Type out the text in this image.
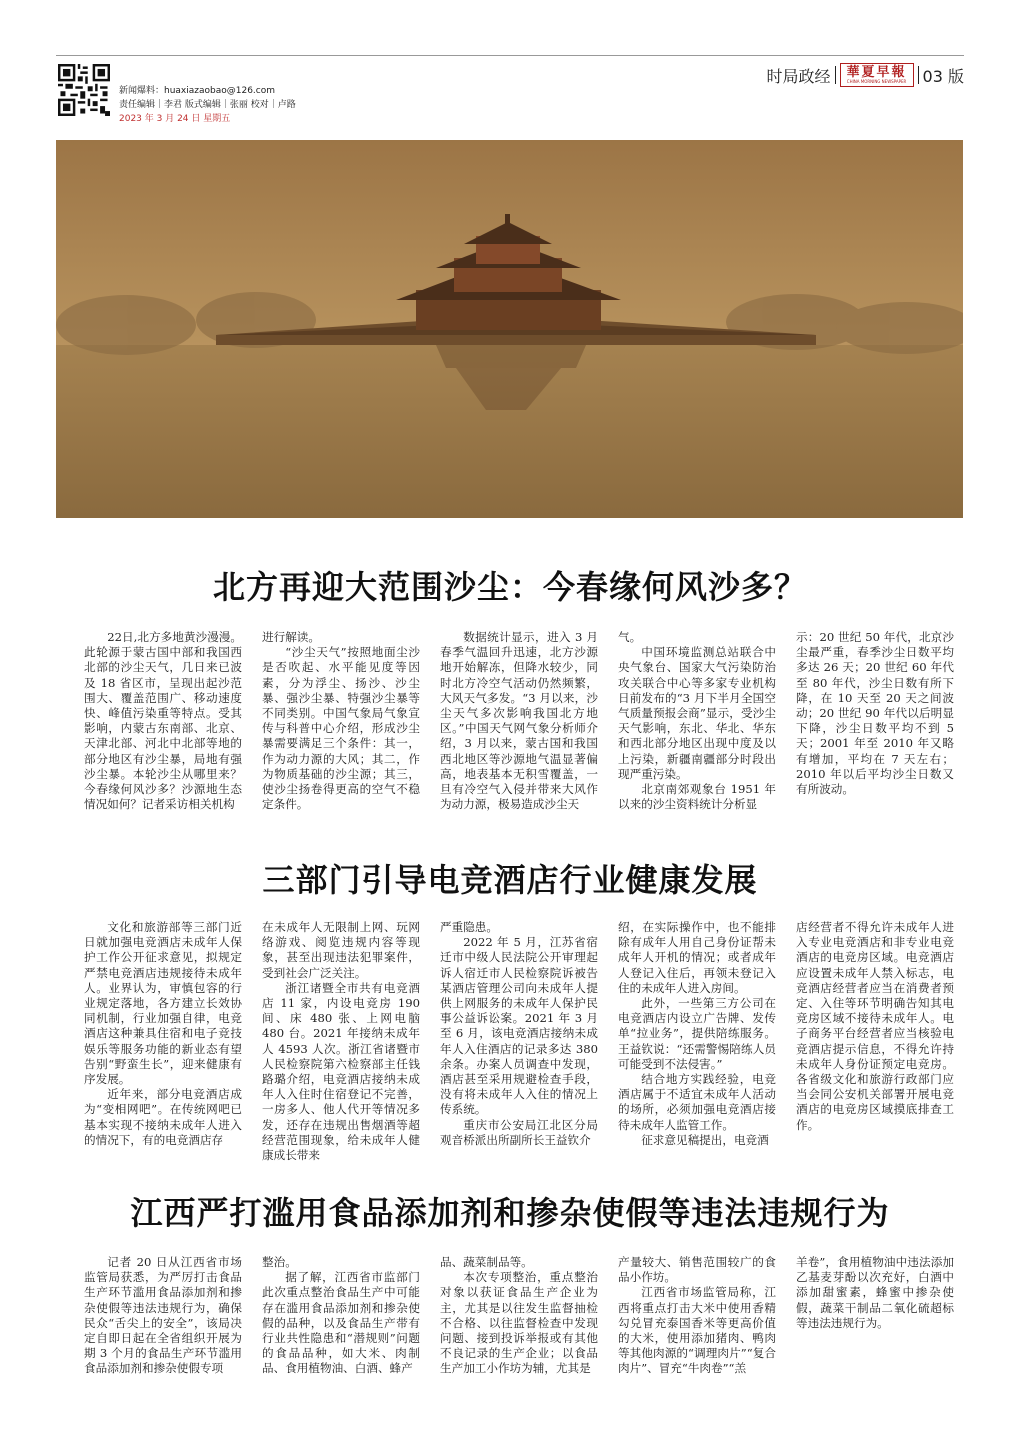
新闻爆料：huaxiazaobao@126.com
责任编辑｜李君 版式编辑｜张丽 校对｜卢路
2023 年 3 月 24 日 星期五
时局政经 華夏早報
CHINA MORNING NEWSPAPER 03 版
北方再迎大范围沙尘：今春缘何风沙多？

22日,北方多地黄沙漫漫。此轮源于蒙古国中部和我国西北部的沙尘天气，几日来已波及 18 省区市，呈现出起沙范围大、覆盖范围广、移动速度快、峰值污染重等特点。受其影响，内蒙古东南部、北京、天津北部、河北中北部等地的部分地区有沙尘暴，局地有强沙尘暴。本轮沙尘从哪里来？今春缘何风沙多？沙源地生态情况如何？记者采访相关机构

进行解读。

“沙尘天气”按照地面尘沙是否吹起、水平能见度等因素，分为浮尘、扬沙、沙尘暴、强沙尘暴、特强沙尘暴等不同类别。中国气象局气象宣传与科普中心介绍，形成沙尘暴需要满足三个条件：其一，作为动力源的大风；其二，作为物质基础的沙尘源；其三，使沙尘扬卷得更高的空气不稳定条件。

数据统计显示，进入 3 月春季气温回升迅速，北方沙源地开始解冻，但降水较少，同时北方冷空气活动仍然频繁，大风天气多发。“3 月以来，沙尘天气多次影响我国北方地区。”中国天气网气象分析师介绍，3 月以来，蒙古国和我国西北地区等沙源地气温显著偏高，地表基本无积雪覆盖，一旦有冷空气入侵并带来大风作为动力源，极易造成沙尘天

气。

中国环境监测总站联合中央气象台、国家大气污染防治攻关联合中心等多家专业机构日前发布的“3 月下半月全国空气质量预报会商”显示，受沙尘天气影响，东北、华北、华东和西北部分地区出现中度及以上污染，新疆南疆部分时段出现严重污染。

北京南郊观象台 1951 年以来的沙尘资料统计分析显

示：20 世纪 50 年代，北京沙尘最严重，春季沙尘日数平均多达 26 天；20 世纪 60 年代至 80 年代，沙尘日数有所下降，在 10 天至 20 天之间波动；20 世纪 90 年代以后明显下降，沙尘日数平均不到 5 天；2001 年至 2010 年又略有增加，平均在 7 天左右；2010 年以后平均沙尘日数又有所波动。

三部门引导电竞酒店行业健康发展

文化和旅游部等三部门近日就加强电竞酒店未成年人保护工作公开征求意见，拟规定严禁电竞酒店违规接待未成年人。业界认为，审慎包容的行业规定落地，各方建立长效协同机制，行业加强自律，电竞酒店这种兼具住宿和电子竞技娱乐等服务功能的新业态有望告别“野蛮生长”，迎来健康有序发展。

近年来，部分电竞酒店成为“变相网吧”。在传统网吧已基本实现不接纳未成年人进入的情况下，有的电竞酒店存

在未成年人无限制上网、玩网络游戏、阅览违规内容等现象，甚至出现违法犯罪案件，受到社会广泛关注。

浙江诸暨全市共有电竞酒店 11 家，内设电竞房 190 间、床 480 张、上网电脑 480 台。2021 年接纳未成年人 4593 人次。浙江省诸暨市人民检察院第六检察部主任钱路璐介绍，电竞酒店接纳未成年人入住时住宿登记不完善，一房多人、他人代开等情况多发，还存在违规出售烟酒等超经营范围现象，给未成年人健康成长带来

严重隐患。

2022 年 5 月，江苏省宿迁市中级人民法院公开审理起诉人宿迁市人民检察院诉被告某酒店管理公司向未成年人提供上网服务的未成年人保护民事公益诉讼案。2021 年 3 月至 6 月，该电竞酒店接纳未成年人入住酒店的记录多达 380 余条。办案人员调查中发现，酒店甚至采用规避检查手段，没有将未成年人入住的情况上传系统。

重庆市公安局江北区分局观音桥派出所副所长王益钦介

绍，在实际操作中，也不能排除有成年人用自己身份证帮未成年人开机的情况；或者成年人登记入住后，再领未登记入住的未成年人进入房间。

此外，一些第三方公司在电竞酒店内设立广告牌、发传单“拉业务”，提供陪练服务。王益钦说：“还需警惕陪练人员可能受到不法侵害。”

结合地方实践经验，电竞酒店属于不适宜未成年人活动的场所，必须加强电竞酒店接待未成年人监管工作。

征求意见稿提出，电竞酒

店经营者不得允许未成年人进入专业电竞酒店和非专业电竞酒店的电竞房区域。电竞酒店应设置未成年人禁入标志，电竞酒店经营者应当在消费者预定、入住等环节明确告知其电竞房区域不接待未成年人。电子商务平台经营者应当核验电竞酒店提示信息，不得允许持未成年人身份证预定电竞房。各省级文化和旅游行政部门应当会同公安机关部署开展电竞酒店的电竞房区域摸底排查工作。

江西严打滥用食品添加剂和掺杂使假等违法违规行为

记者 20 日从江西省市场监管局获悉，为严厉打击食品生产环节滥用食品添加剂和掺杂使假等违法违规行为，确保民众“舌尖上的安全”，该局决定自即日起在全省组织开展为期 3 个月的食品生产环节滥用食品添加剂和掺杂使假专项

整治。

据了解，江西省市监部门此次重点整治食品生产中可能存在滥用食品添加剂和掺杂使假的品种，以及食品生产带有行业共性隐患和“潜规则”问题的食品品种，如大米、肉制品、食用植物油、白酒、蜂产

品、蔬菜制品等。

本次专项整治，重点整治对象以获证食品生产企业为主，尤其是以往发生监督抽检不合格、以往监督检查中发现问题、接到投诉举报或有其他不良记录的生产企业；以食品生产加工小作坊为辅，尤其是

产量较大、销售范围较广的食品小作坊。

江西省市场监管局称，江西将重点打击大米中使用香精勾兑冒充泰国香米等更高价值的大米，使用添加猪肉、鸭肉等其他肉源的“调理肉片”“复合肉片”、冒充“牛肉卷”“羔

羊卷”，食用植物油中违法添加乙基麦芽酚以次充好，白酒中添加甜蜜素，蜂蜜中掺杂使假，蔬菜干制品二氧化硫超标等违法违规行为。
